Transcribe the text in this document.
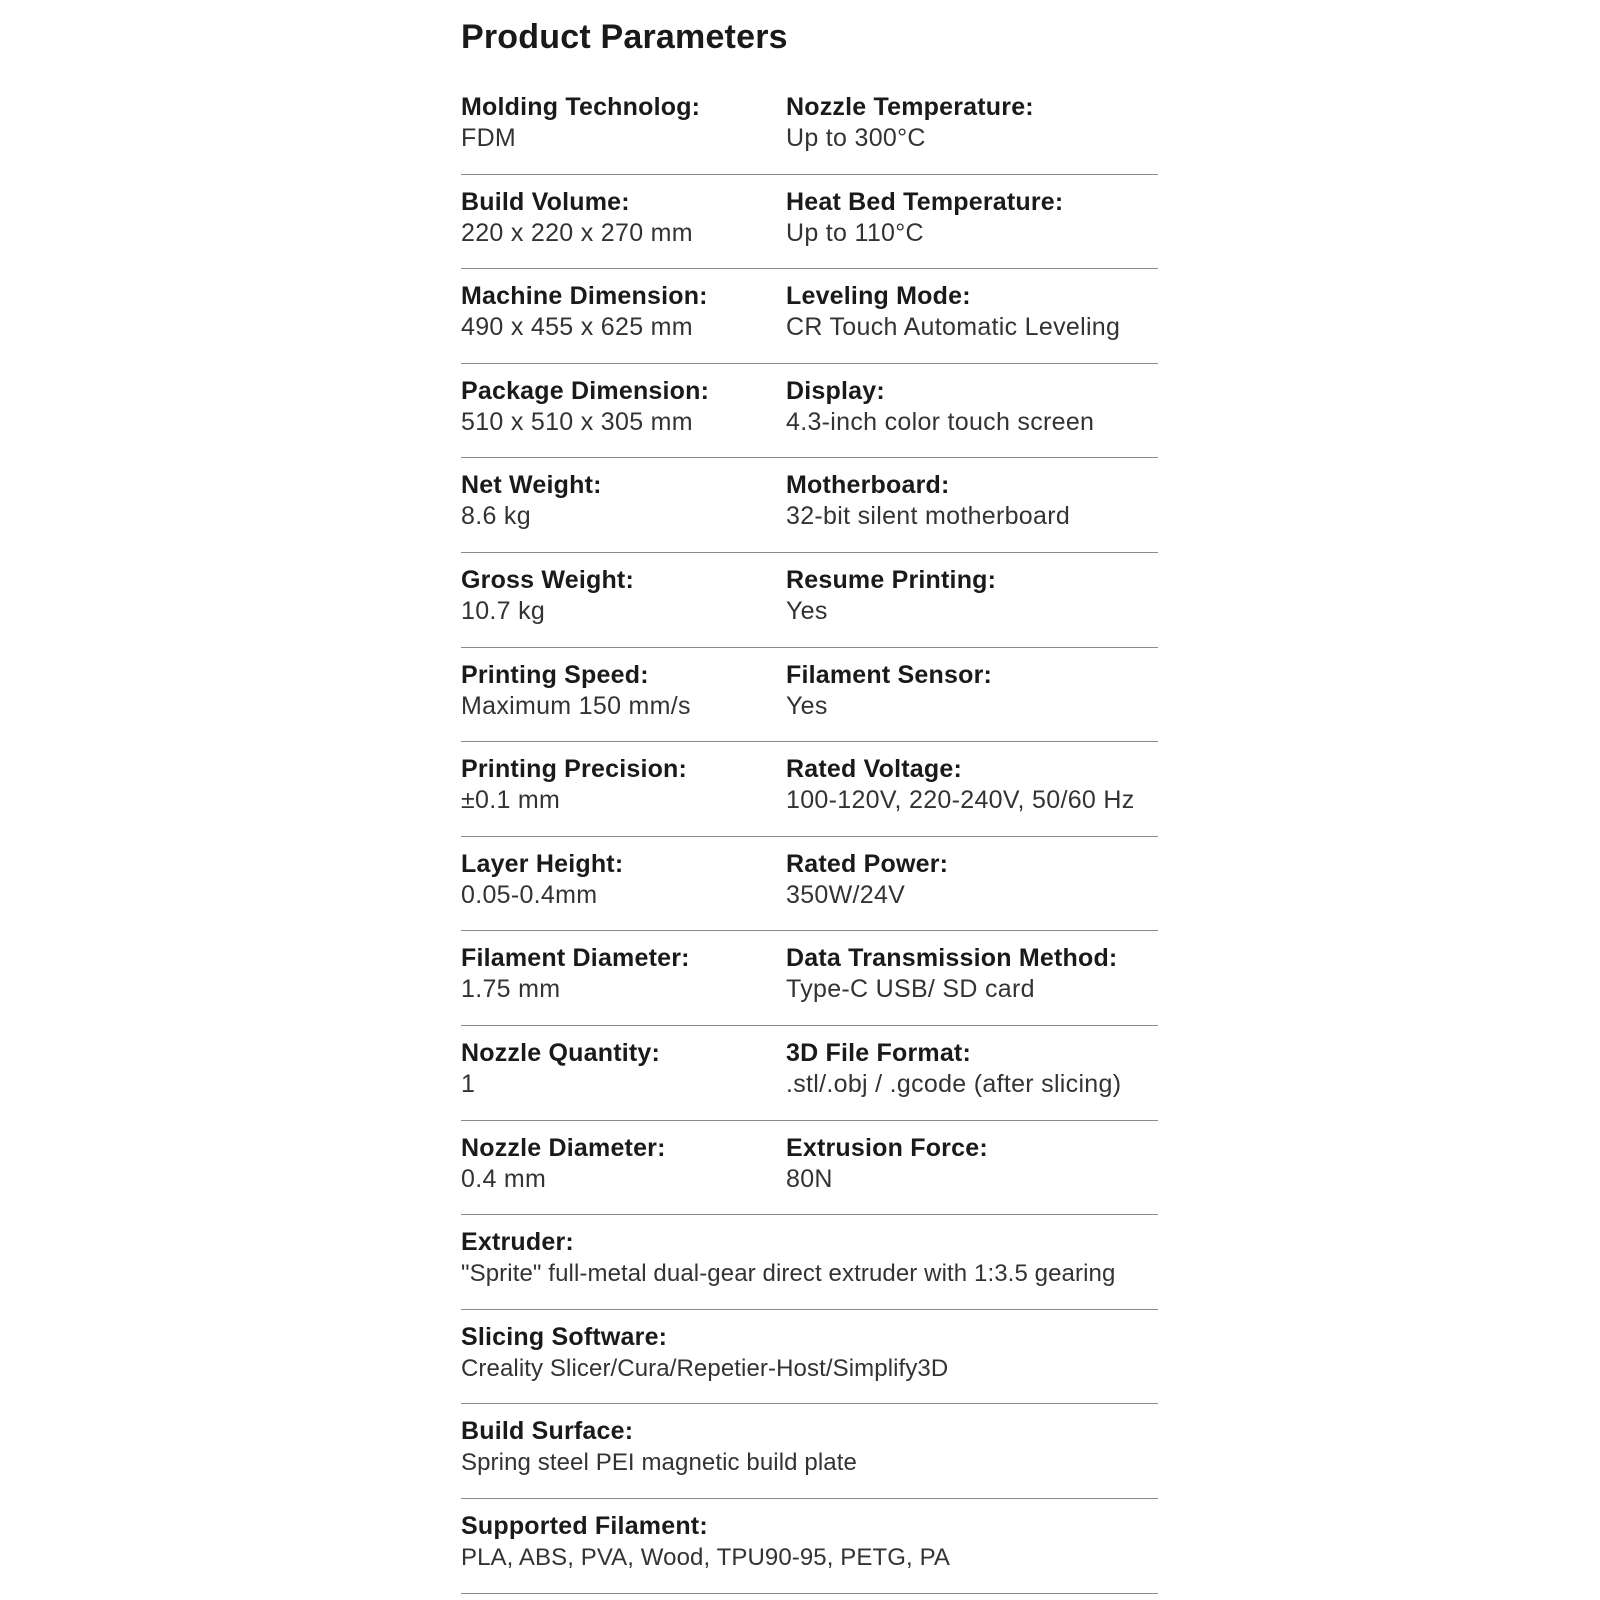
Product Parameters
Molding Technolog:
FDM
Nozzle Temperature:
Up to 300°C
Build Volume:
220 x 220 x 270 mm
Heat Bed Temperature:
Up to 110°C
Machine Dimension:
490 x 455 x 625 mm
Leveling Mode:
CR Touch Automatic Leveling
Package Dimension:
510 x 510 x 305 mm
Display:
4.3-inch color touch screen
Net Weight:
8.6 kg
Motherboard:
32-bit silent motherboard
Gross Weight:
10.7 kg
Resume Printing:
Yes
Printing Speed:
Maximum 150 mm/s
Filament Sensor:
Yes
Printing Precision:
±0.1 mm
Rated Voltage:
100-120V, 220-240V, 50/60 Hz
Layer Height:
0.05-0.4mm
Rated Power:
350W/24V
Filament Diameter:
1.75 mm
Data Transmission Method:
Type-C USB/ SD card
Nozzle Quantity:
1
3D File Format:
.stl/.obj / .gcode (after slicing)
Nozzle Diameter:
0.4 mm
Extrusion Force:
80N
Extruder:
"Sprite" full-metal dual-gear direct extruder with 1:3.5 gearing
Slicing Software:
Creality Slicer/Cura/Repetier-Host/Simplify3D
Build Surface:
Spring steel PEI magnetic build plate
Supported Filament:
PLA, ABS, PVA, Wood, TPU90-95, PETG, PA
